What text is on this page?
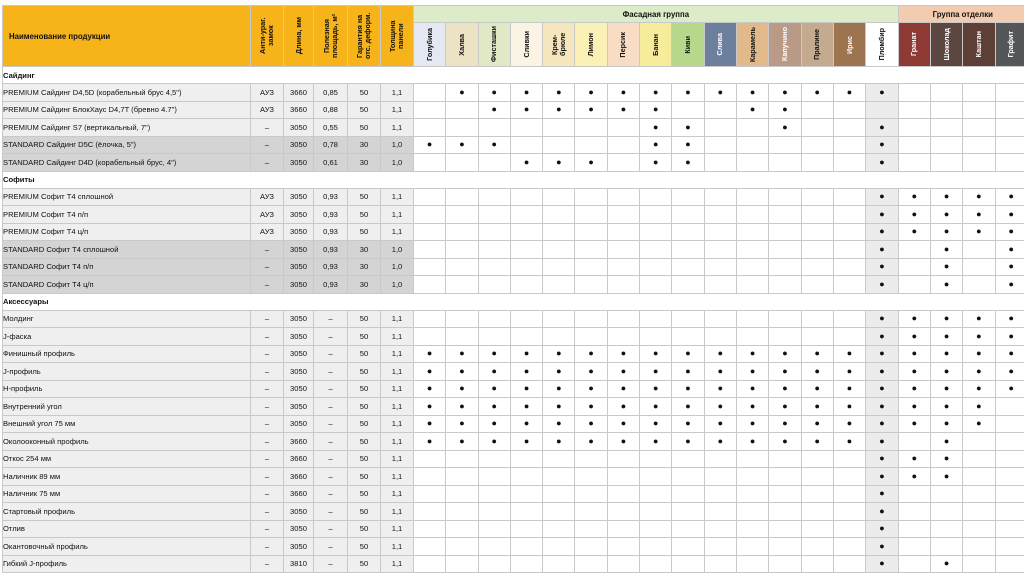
Наименование продукции	Анти-ураг. замок	Длина, мм	Полезная площадь, м²	Гарантия на отс. деформ.	Толщина панели	Фасадная группа															Группа отделки			

						Голубика	Халва	Фисташки	Сливки	Крем-брюле	Лимон	Персик	Банан	Киви	Слива	Карамель	Капучино	Пралине	Ирис	Пломбир	Гранат	Шоколад	Каштан	Графит

Сайдинг																								
PREMIUM Сайдинг D4,5D (корабельный брус 4,5")	АУЗ	3660	0,85	50	1,1		●	●	●	●	●	●	●	●	●	●	●	●	●	●				
PREMIUM Сайдинг БлокХаус D4,7T (бревно 4.7")	АУЗ	3660	0,88	50	1,1			●	●	●	●	●	●			●	●							
PREMIUM Сайдинг S7 (вертикальный, 7")	–	3050	0,55	50	1,1								●	●			●			●				
STANDARD Сайдинг D5C (ёлочка, 5")	–	3050	0,78	30	1,0	●	●	●					●	●						●				
STANDARD Сайдинг D4D (корабельный брус, 4")	–	3050	0,61	30	1,0				●	●	●		●	●						●				
Софиты																								
PREMIUM Софит Т4 сплошной	АУЗ	3050	0,93	50	1,1															●	●	●	●	●
PREMIUM Софит Т4 п/п	АУЗ	3050	0,93	50	1,1															●	●	●	●	●
PREMIUM Софит Т4 ц/п	АУЗ	3050	0,93	50	1,1															●	●	●	●	●
STANDARD Софит Т4 сплошной	–	3050	0,93	30	1,0															●		●		●
STANDARD Софит Т4 п/п	–	3050	0,93	30	1,0															●		●		●
STANDARD Софит Т4 ц/п	–	3050	0,93	30	1,0															●		●		●
Аксессуары																								
Молдинг	–	3050	–	50	1,1															●	●	●	●	●
J-фаска	–	3050	–	50	1,1															●	●	●	●	●
Финишный профиль	–	3050	–	50	1,1	●	●	●	●	●	●	●	●	●	●	●	●	●	●	●	●	●	●	●
J-профиль	–	3050	–	50	1,1	●	●	●	●	●	●	●	●	●	●	●	●	●	●	●	●	●	●	●
Н-профиль	–	3050	–	50	1,1	●	●	●	●	●	●	●	●	●	●	●	●	●	●	●	●	●	●	●
Внутренний угол	–	3050	–	50	1,1	●	●	●	●	●	●	●	●	●	●	●	●	●	●	●	●	●	●	
Внешний угол 75 мм	–	3050	–	50	1,1	●	●	●	●	●	●	●	●	●	●	●	●	●	●	●	●	●	●	
Околооконный профиль	–	3660	–	50	1,1	●	●	●	●	●	●	●	●	●	●	●	●	●	●	●		●		
Откос 254 мм	–	3660	–	50	1,1															●	●	●		
Наличник 89 мм	–	3660	–	50	1,1															●	●	●		
Наличник 75 мм	–	3660	–	50	1,1															●				
Стартовый профиль	–	3050	–	50	1,1															●				
Отлив	–	3050	–	50	1,1															●				
Окантовочный профиль	–	3050	–	50	1,1															●				
Гибкий J-профиль	–	3810	–	50	1,1															●		●		
